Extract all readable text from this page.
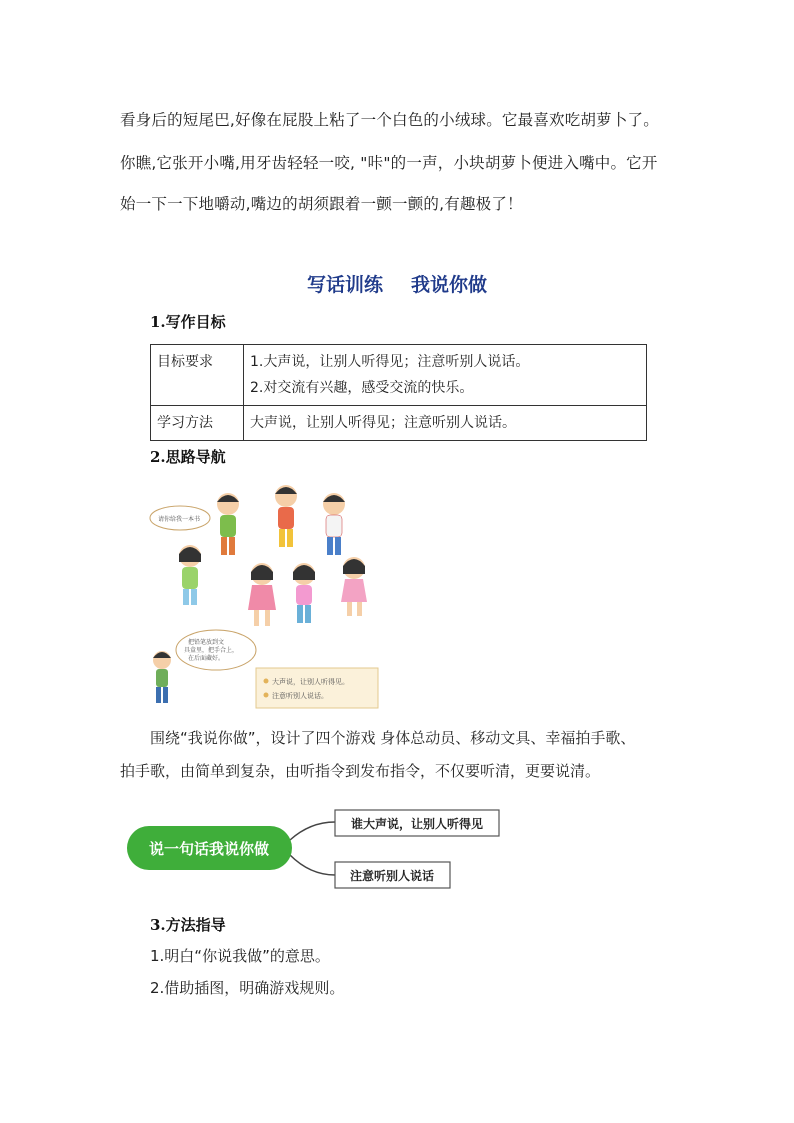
看身后的短尾巴,好像在屁股上粘了一个白色的小绒球。它最喜欢吃胡萝卜了。
你瞧,它张开小嘴,用牙齿轻轻一咬, "咔"的一声，小块胡萝卜便进入嘴中。它开
始一下一下地嚼动,嘴边的胡须跟着一颤一颤的,有趣极了！
写话训练 我说你做
1.写作目标
目标要求	1.大声说，让别人听得见；注意听别人说话。
2.对交流有兴趣，感受交流的快乐。

学习方法	大声说，让别人听得见；注意听别人说话。
2.思路导航
请你给我一本书
把铅笔放到文
具盒里，把手合上，
在后面藏好。
大声说，让别人听得见。
注意听别人说话。
围绕“我说你做”，设计了四个游戏 身体总动员、移动文具、幸福拍手歌、
拍手歌，由简单到复杂，由听指令到发布指令，不仅要听清，更要说清。
说一句话我说你做
谁大声说，让别人听得见
注意听别人说话
3.方法指导
1.明白“你说我做”的意思。
2.借助插图，明确游戏规则。
